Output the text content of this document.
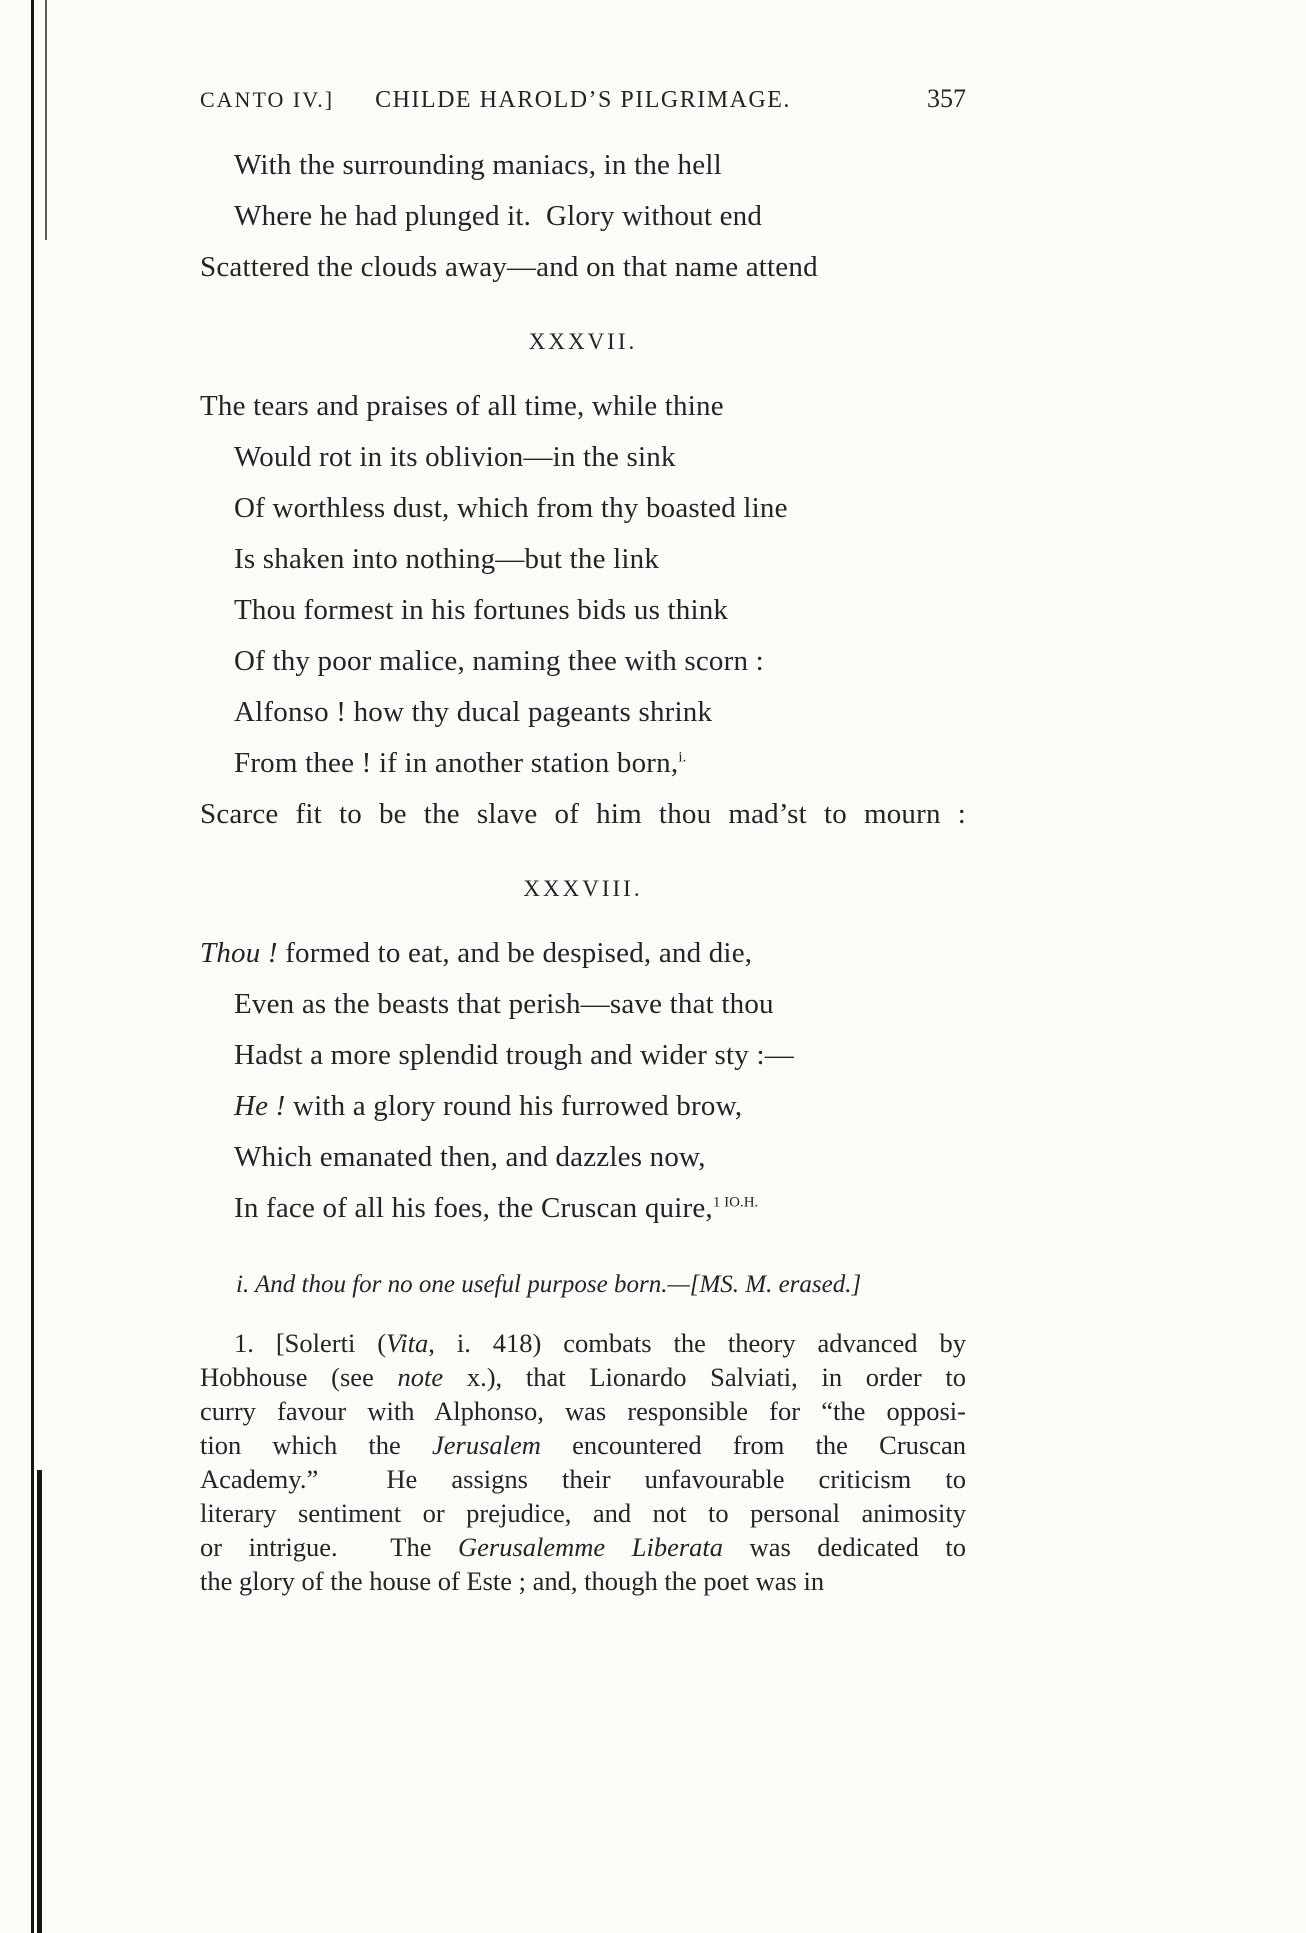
CANTO IV.]	CHILDE HAROLD’S PILGRIMAGE.	357
With the surrounding maniacs, in the hell
Where he had plunged it.  Glory without end
Scattered the clouds away—and on that name attend
XXXVII.
The tears and praises of all time, while thine
Would rot in its oblivion—in the sink
Of worthless dust, which from thy boasted line
Is shaken into nothing—but the link
Thou formest in his fortunes bids us think
Of thy poor malice, naming thee with scorn :
Alfonso ! how thy ducal pageants shrink
From thee ! if in another station born,$^{i.}$
Scarce fit to be the slave of him thou mad’st to mourn :
XXXVIII.
Thou ! formed to eat, and be despised, and die,
Even as the beasts that perish—save that thou
Hadst a more splendid trough and wider sty :—
He ! with a glory round his furrowed brow,
Which emanated then, and dazzles now,
In face of all his foes, the Cruscan quire,$^{1 IO.H.}$
i. And thou for no one useful purpose born.—[MS. M. erased.]
1. [Solerti (Vita, i. 418) combats the theory advanced by
Hobhouse (see note x.), that Lionardo Salviati, in order to
curry favour with Alphonso, was responsible for “the opposi-
tion which the Jerusalem encountered from the Cruscan
Academy.”  He assigns their unfavourable criticism to
literary sentiment or prejudice, and not to personal animosity
or intrigue.  The Gerusalemme Liberata was dedicated to
the glory of the house of Este ; and, though the poet was in
